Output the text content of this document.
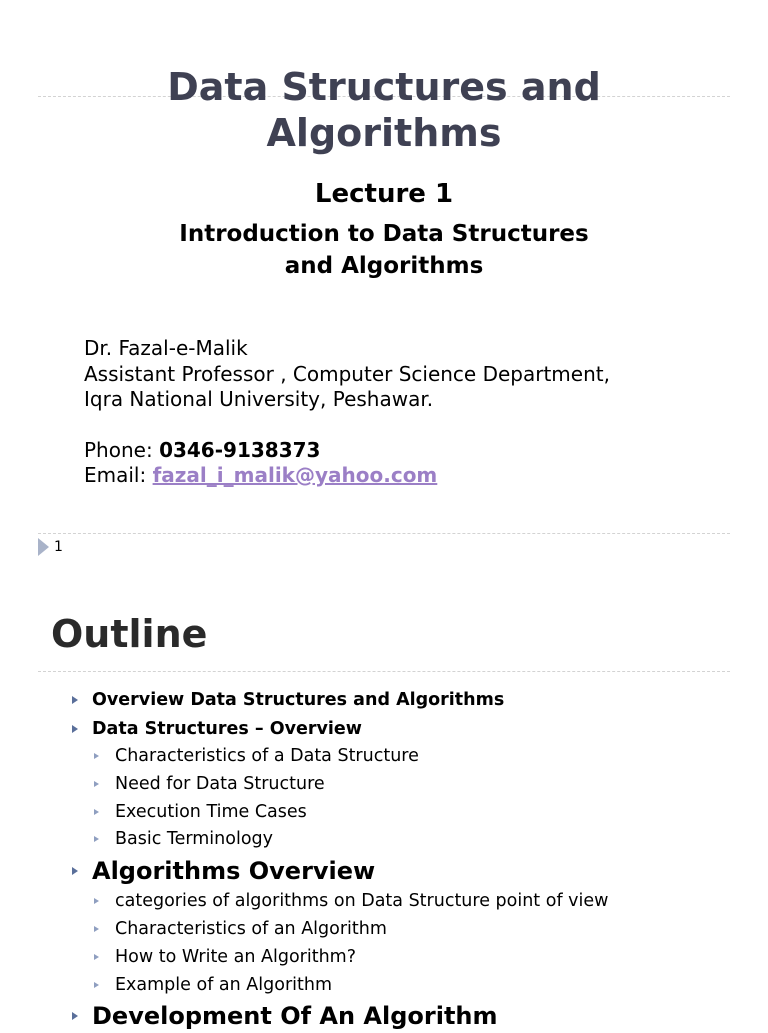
Data Structures and
Algorithms
Lecture 1
Introduction to Data Structures
and Algorithms
Dr. Fazal-e-Malik
Assistant Professor , Computer Science Department,
Iqra National University, Peshawar.
Phone: 0346-9138373
Email: fazal_i_malik@yahoo.com
1
Outline
Overview Data Structures and Algorithms
Data Structures – Overview
Characteristics of a Data Structure
Need for Data Structure
Execution Time Cases
Basic Terminology
Algorithms Overview
categories of algorithms on Data Structure point of view
Characteristics of an Algorithm
How to Write an Algorithm?
Example of an Algorithm
Development Of An Algorithm
